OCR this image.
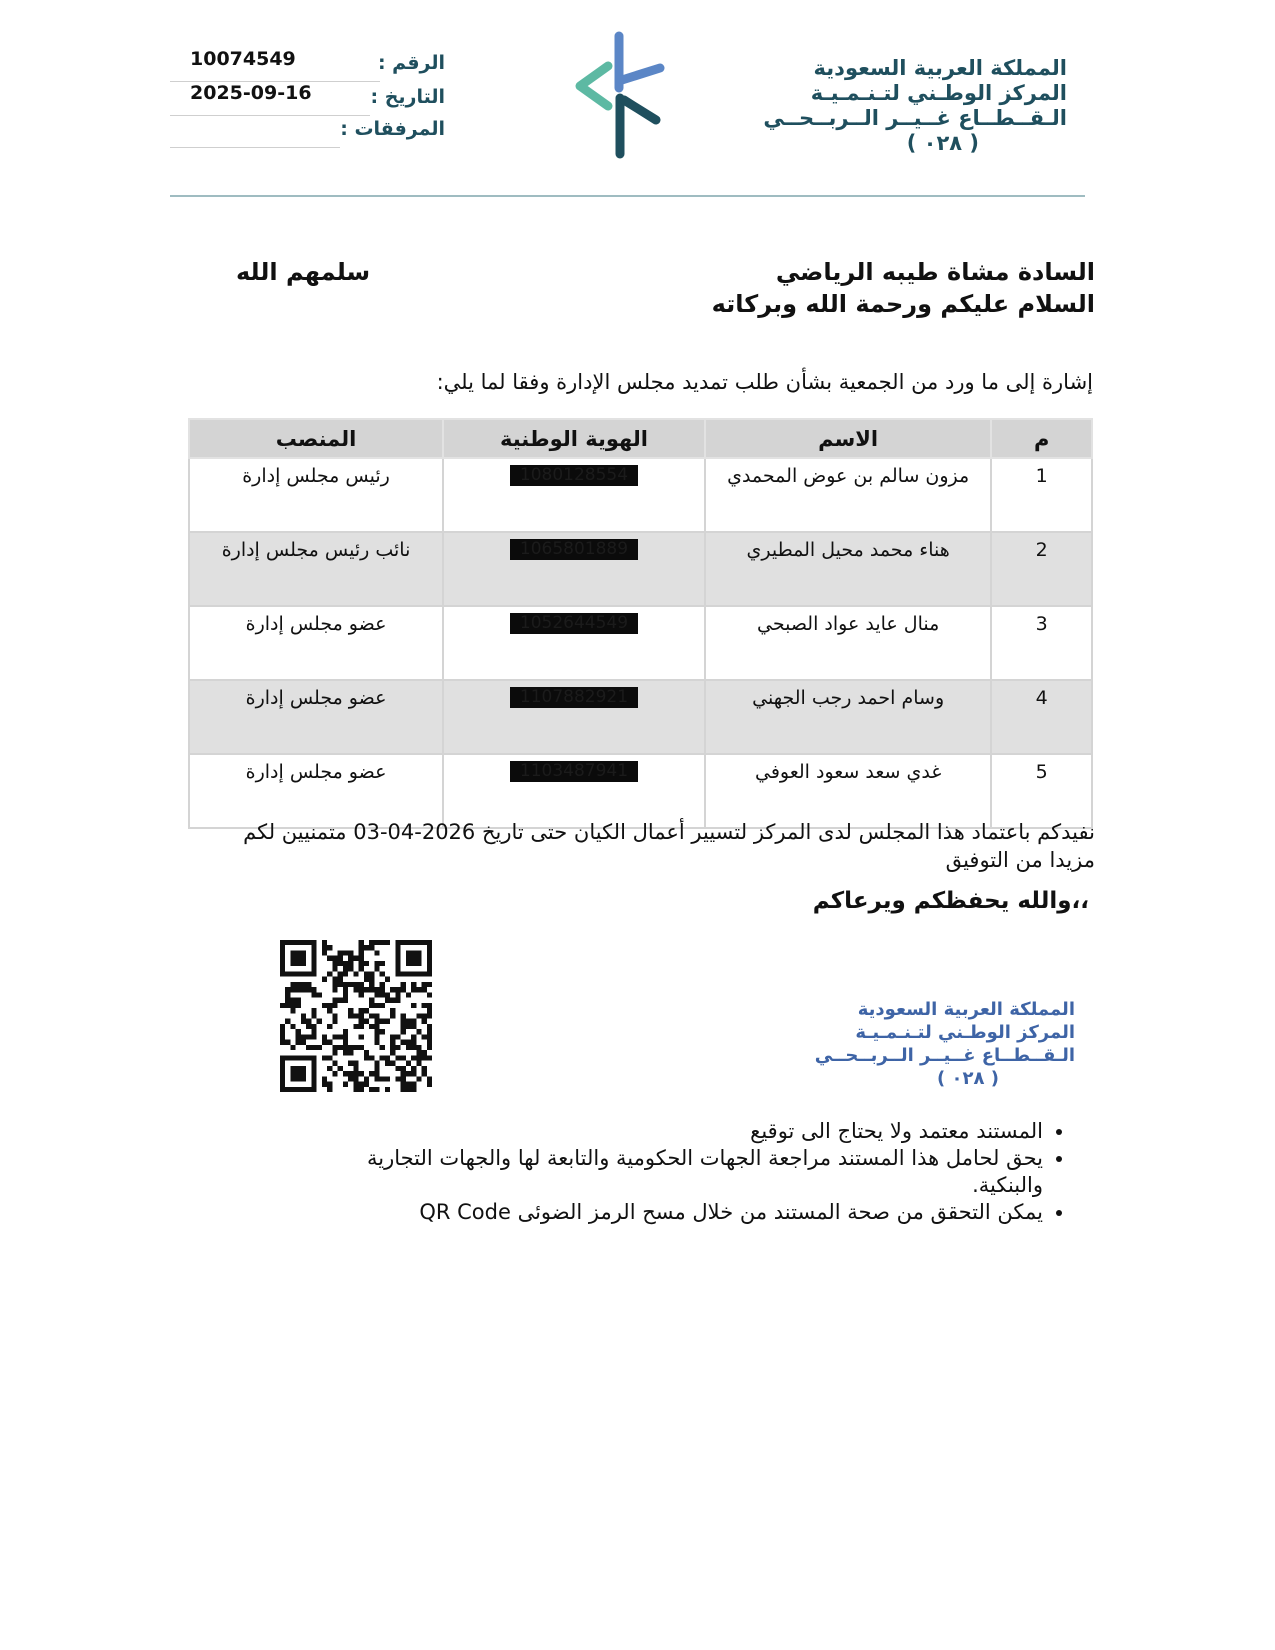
الرقم :
10074549
التاريخ :
2025-09-16
المرفقات :
المملكة العربية السعودية
المركز الوطـني لتـنـمـيـة
الـقــطــاع غــيــر الــربــحــي
( ٠٢٨ )
السادة مشاة طيبه الرياضي
سلمهم الله
السلام عليكم ورحمة الله وبركاته
إشارة إلى ما ورد من الجمعية بشأن طلب تمديد مجلس الإدارة وفقا لما يلي:
م	الاسم	الهوية الوطنية	المنصب
1	مزون سالم بن عوض المحمدي	1080128554	رئيس مجلس إدارة
2	هناء محمد محيل المطيري	1065801889	نائب رئيس مجلس إدارة
3	منال عايد عواد الصبحي	1052644549	عضو مجلس إدارة
4	وسام احمد رجب الجهني	1107882921	عضو مجلس إدارة
5	غدي سعد سعود العوفي	1103487941	عضو مجلس إدارة
نفيدكم باعتماد هذا المجلس لدى المركز لتسيير أعمال الكيان حتى تاريخ 2026-04-03 متمنيين لكم
مزيدا من التوفيق
والله يحفظكم ويرعاكم،،
المملكة العربية السعودية
المركز الوطـني لتـنـمـيـة
الـقــطــاع غــيــر الــربــحــي
( ٠٢٨ )
• المستند معتمد ولا يحتاج الى توقيع
• يحق لحامل هذا المستند مراجعة الجهات الحكومية والتابعة لها والجهات التجارية والبنكية.
• يمكن التحقق من صحة المستند من خلال مسح الرمز الضوئى QR Code
